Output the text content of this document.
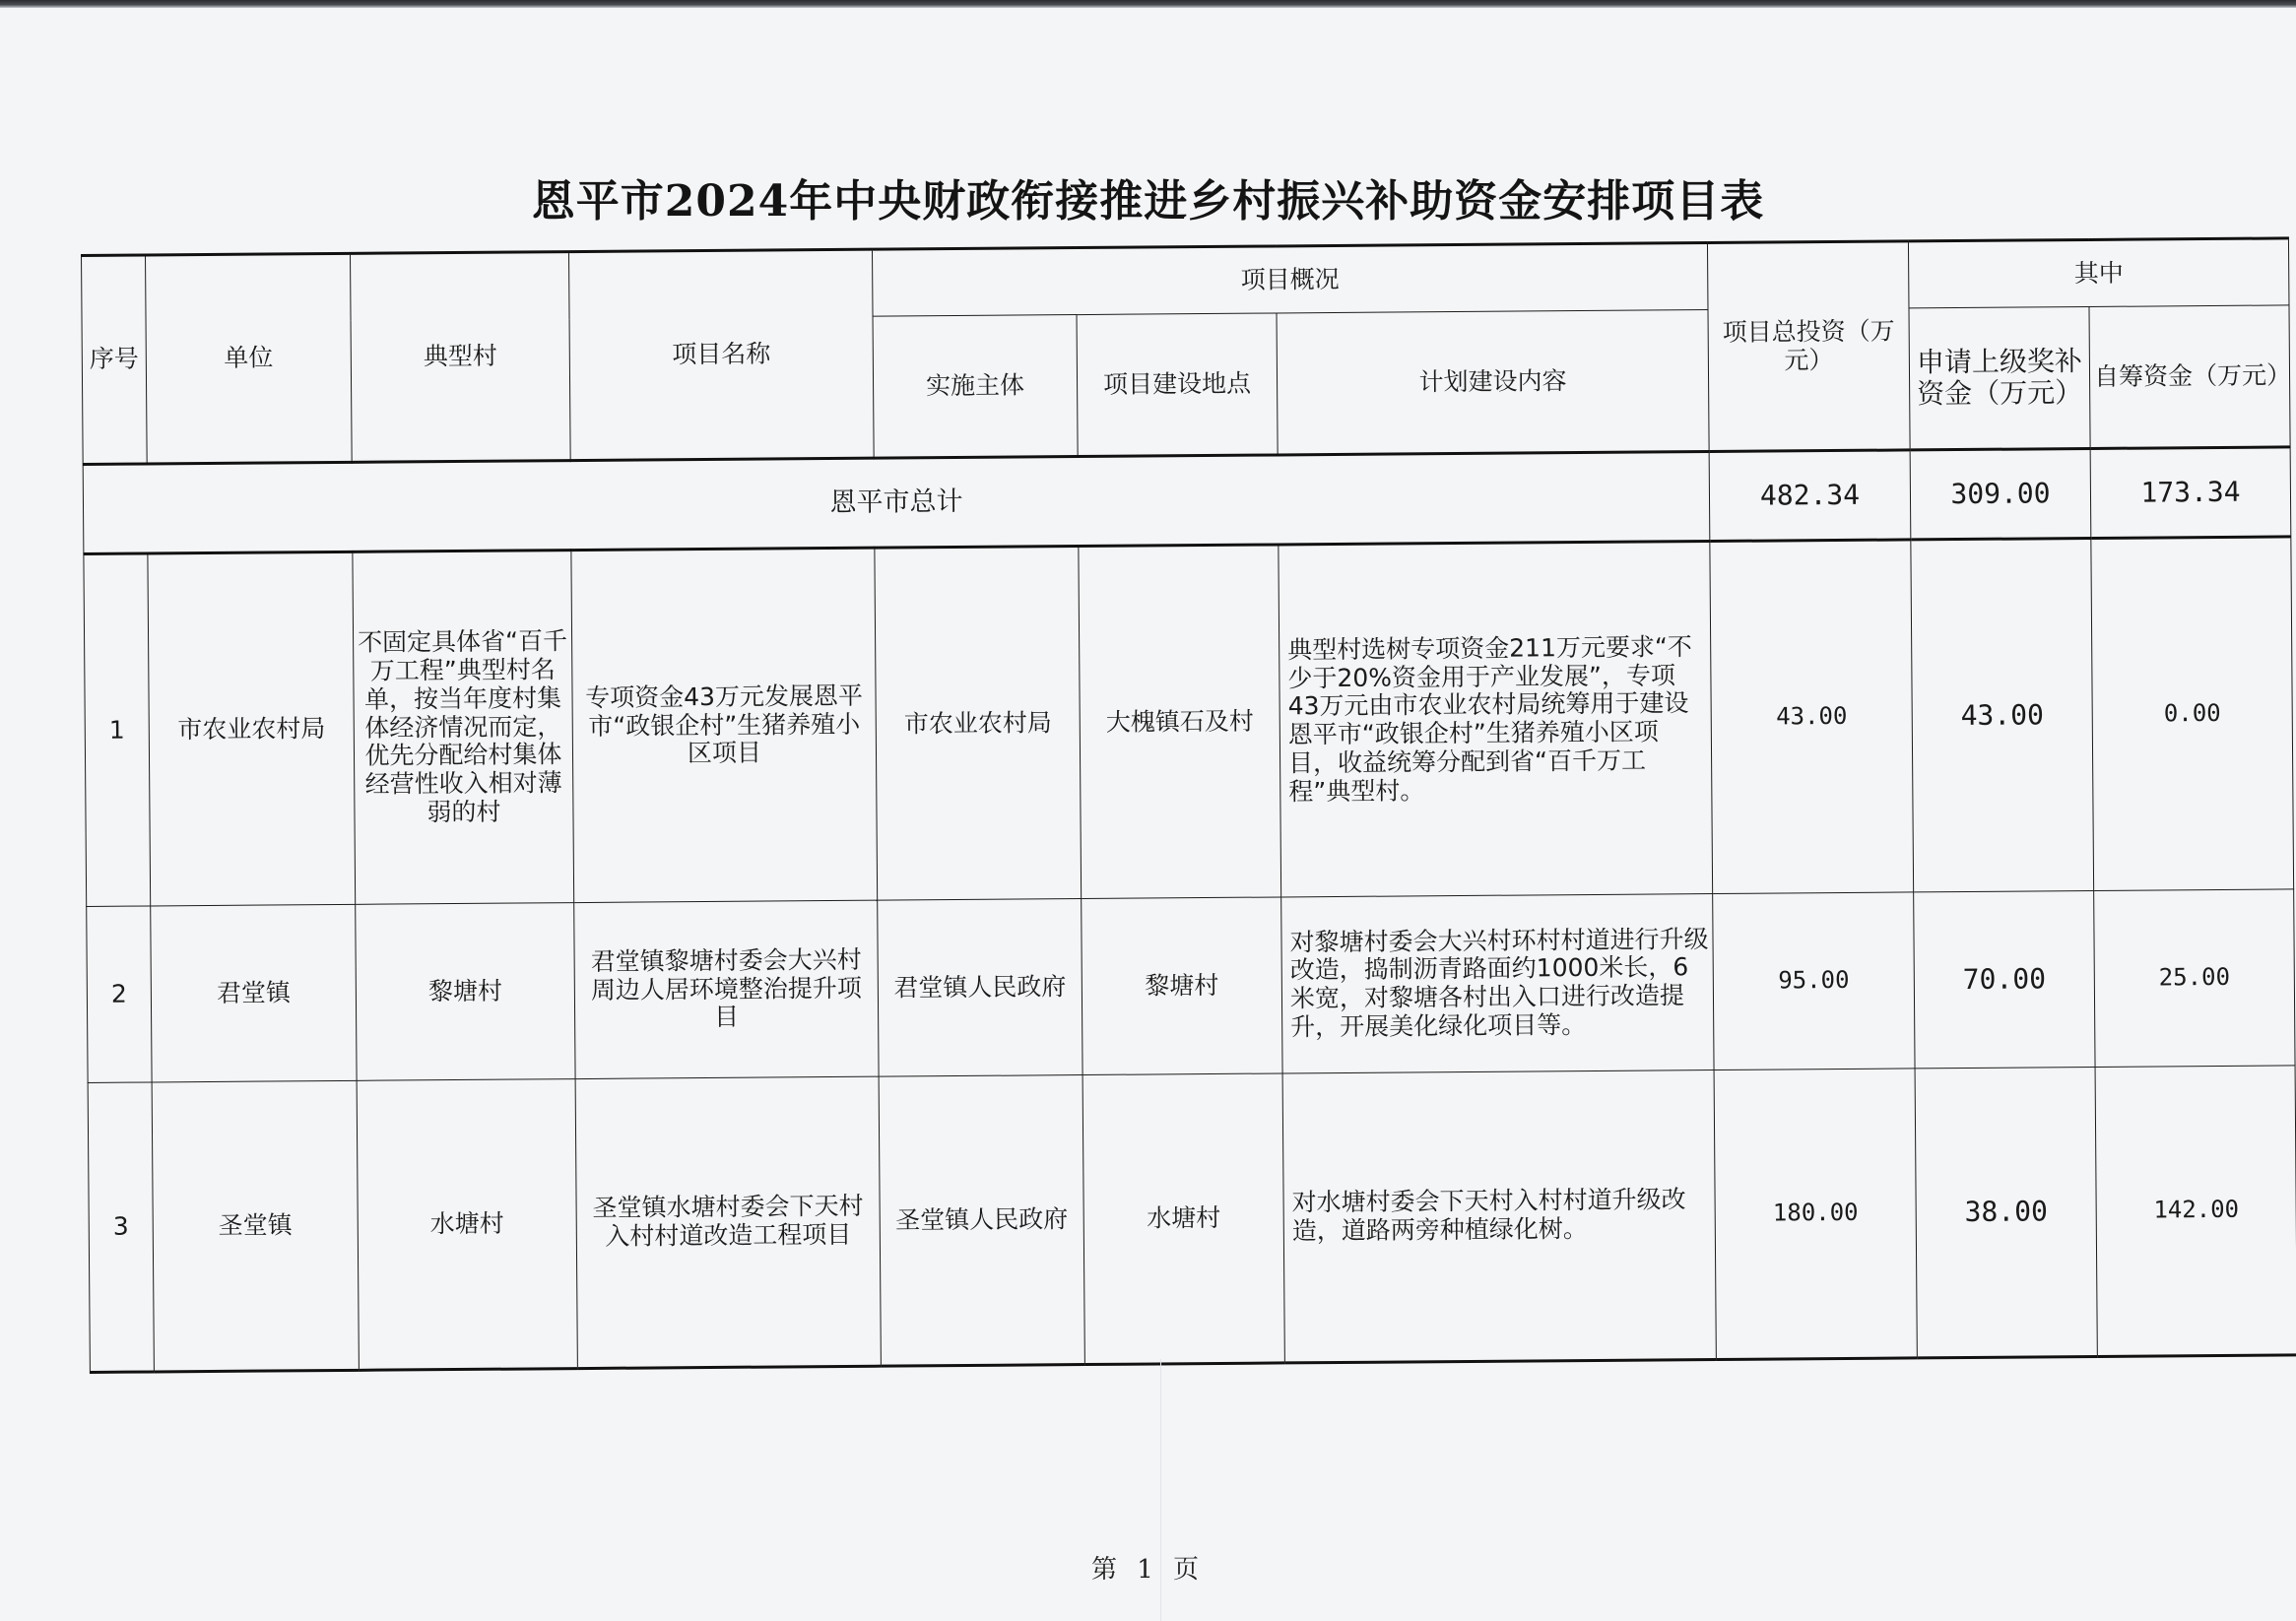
恩平市2024年中央财政衔接推进乡村振兴补助资金安排项目表
序号	单位	典型村	项目名称	项目概况			项目总投资（万元）	其中	
				实施主体	项目建设地点	计划建设内容		申请上级奖补资金（万元）	自筹资金（万元）
恩平市总计							482.34	309.00	173.34
1	市农业农村局	不固定具体省“百千万工程”典型村名单，按当年度村集体经济情况而定，优先分配给村集体经营性收入相对薄弱的村	专项资金43万元发展恩平市“政银企村”生猪养殖小区项目	市农业农村局	大槐镇石及村	典型村选树专项资金211万元要求“不少于20%资金用于产业发展”，专项43万元由市农业农村局统筹用于建设恩平市“政银企村”生猪养殖小区项目，收益统筹分配到省“百千万工程”典型村。	43.00	43.00	0.00
2	君堂镇	黎塘村	君堂镇黎塘村委会大兴村周边人居环境整治提升项目	君堂镇人民政府	黎塘村	对黎塘村委会大兴村环村村道进行升级改造，捣制沥青路面约1000米长，6米宽，对黎塘各村出入口进行改造提升，开展美化绿化项目等。	95.00	70.00	25.00
3	圣堂镇	水塘村	圣堂镇水塘村委会下天村入村村道改造工程项目	圣堂镇人民政府	水塘村	对水塘村委会下天村入村村道升级改造，道路两旁种植绿化树。	180.00	38.00	142.00
第 1 页
